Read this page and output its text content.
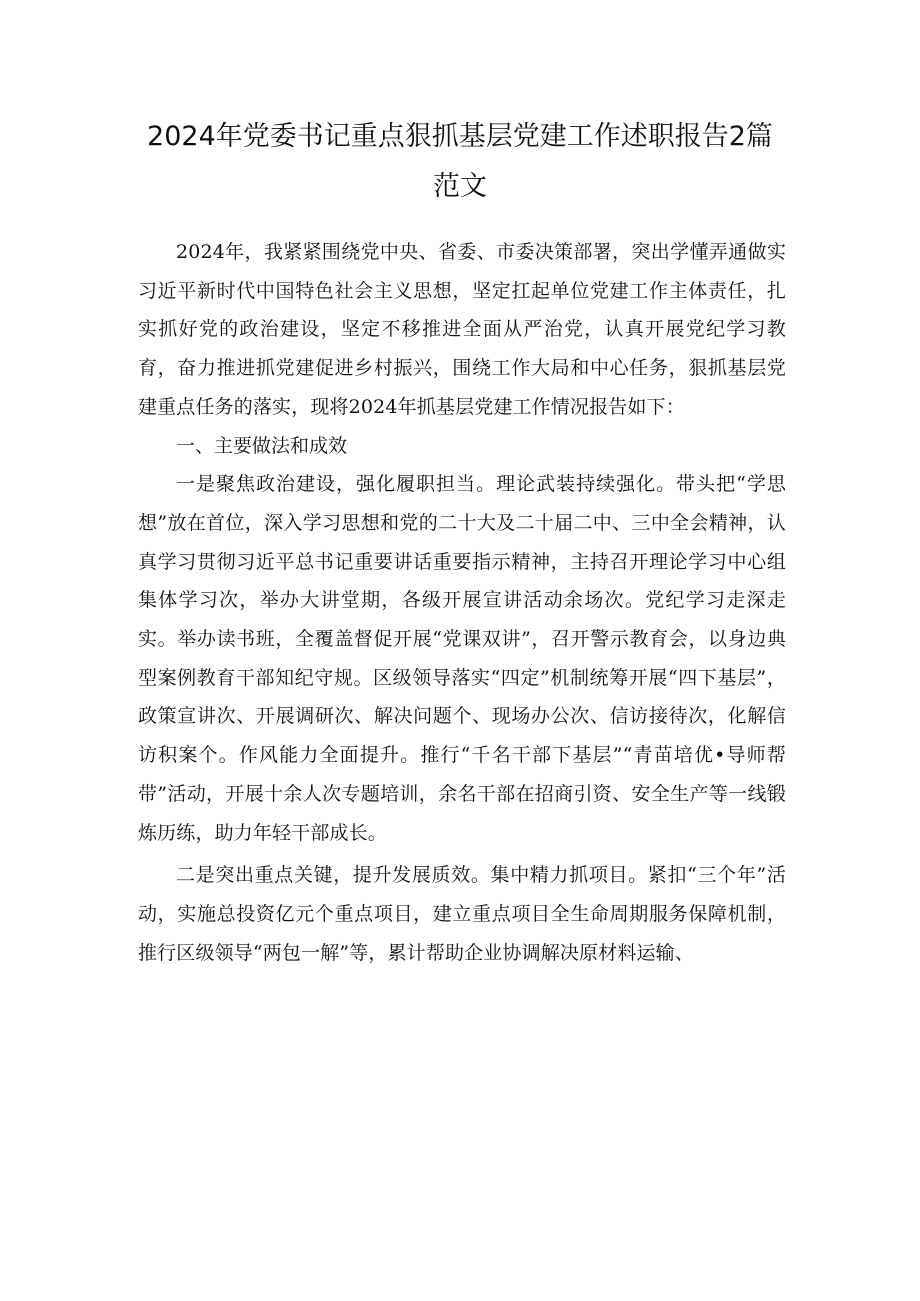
2024年党委书记重点狠抓基层党建工作述职报告2篇
范文

2024年，我紧紧围绕党中央、省委、市委决策部署，突出学懂弄通做实习近平新时代中国特色社会主义思想，坚定扛起单位党建工作主体责任，扎实抓好党的政治建设，坚定不移推进全面从严治党，认真开展党纪学习教育，奋力推进抓党建促进乡村振兴，围绕工作大局和中心任务，狠抓基层党建重点任务的落实，现将2024年抓基层党建工作情况报告如下：

一、主要做法和成效

一是聚焦政治建设，强化履职担当。理论武装持续强化。带头把“学思想”放在首位，深入学习思想和党的二十大及二十届二中、三中全会精神，认真学习贯彻习近平总书记重要讲话重要指示精神，主持召开理论学习中心组集体学习次，举办大讲堂期，各级开展宣讲活动余场次。党纪学习走深走实。举办读书班，全覆盖督促开展“党课双讲”，召开警示教育会，以身边典型案例教育干部知纪守规。区级领导落实“四定”机制统筹开展“四下基层”，政策宣讲次、开展调研次、解决问题个、现场办公次、信访接待次，化解信访积案个。作风能力全面提升。推行“千名干部下基层”“青苗培优•导师帮带”活动，开展十余人次专题培训，余名干部在招商引资、安全生产等一线锻炼历练，助力年轻干部成长。

二是突出重点关键，提升发展质效。集中精力抓项目。紧扣“三个年”活动，实施总投资亿元个重点项目，建立重点项目全生命周期服务保障机制，推行区级领导“两包一解”等，累计帮助企业协调解决原材料运输、
